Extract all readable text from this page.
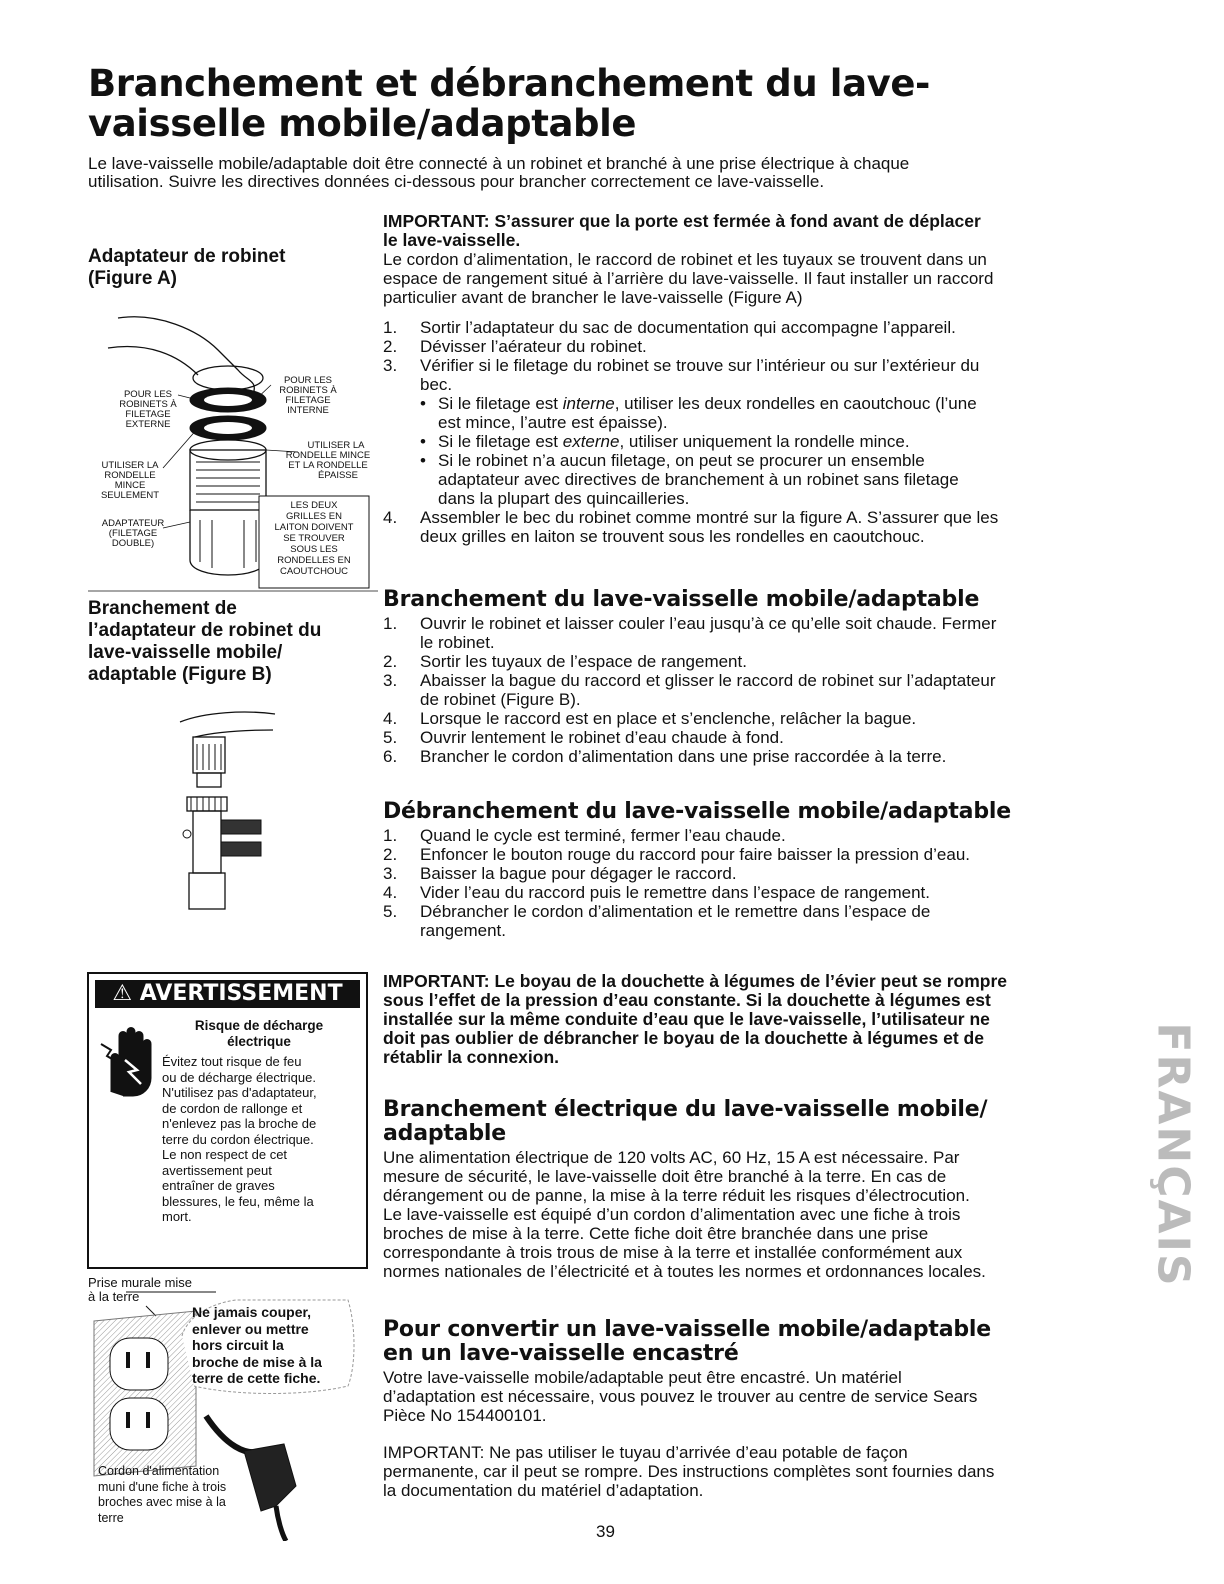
Branchement et débranchement du lave-
vaisselle mobile/adaptable
Le lave-vaisselle mobile/adaptable doit être connecté à un robinet et branché à une prise électrique à chaque
utilisation. Suivre les directives données ci-dessous pour brancher correctement ce lave-vaisselle.
Adaptateur de robinet
(Figure A)
POUR LES
ROBINETS À
FILETAGE
EXTERNE
POUR LES
ROBINETS À
FILETAGE
INTERNE
UTILISER LA
RONDELLE MINCE
ET LA RONDELLE
ÉPAISSE
UTILISER LA
RONDELLE
MINCE
SEULEMENT
ADAPTATEUR
(FILETAGE
DOUBLE)
LES DEUX
GRILLES EN
LAITON DOIVENT
SE TROUVER
SOUS LES
RONDELLES EN
CAOUTCHOUC
Branchement de
l’adaptateur de robinet du
lave-vaisselle mobile/
adaptable (Figure B)
IMPORTANT: S’assurer que la porte est fermée à fond avant de déplacer
le lave-vaisselle.
Le cordon d’alimentation, le raccord de robinet et les tuyaux se trouvent dans un
espace de rangement situé à l’arrière du lave-vaisselle. Il faut installer un raccord
particulier avant de brancher le lave-vaisselle (Figure A)
1. Sortir l’adaptateur du sac de documentation qui accompagne l’appareil.
2. Dévisser l’aérateur du robinet.
3. Vérifier si le filetage du robinet se trouve sur l’intérieur ou sur l’extérieur du
bec.
• Si le filetage est interne, utiliser les deux rondelles en caoutchouc (l’une
est mince, l’autre est épaisse).
• Si le filetage est externe, utiliser uniquement la rondelle mince.
• Si le robinet n’a aucun filetage, on peut se procurer un ensemble
adaptateur avec directives de branchement à un robinet sans filetage
dans la plupart des quincailleries.
4. Assembler le bec du robinet comme montré sur la figure A. S’assurer que les
deux grilles en laiton se trouvent sous les rondelles en caoutchouc.
Branchement du lave-vaisselle mobile/adaptable
1. Ouvrir le robinet et laisser couler l’eau jusqu’à ce qu’elle soit chaude. Fermer
le robinet.
2. Sortir les tuyaux de l’espace de rangement.
3. Abaisser la bague du raccord et glisser le raccord de robinet sur l’adaptateur
de robinet (Figure B).
4. Lorsque le raccord est en place et s’enclenche, relâcher la bague.
5. Ouvrir lentement le robinet d’eau chaude à fond.
6. Brancher le cordon d’alimentation dans une prise raccordée à la terre.
Débranchement du lave-vaisselle mobile/adaptable
1. Quand le cycle est terminé, fermer l’eau chaude.
2. Enfoncer le bouton rouge du raccord pour faire baisser la pression d’eau.
3. Baisser la bague pour dégager le raccord.
4. Vider l’eau du raccord puis le remettre dans l’espace de rangement.
5. Débrancher le cordon d’alimentation et le remettre dans l’espace de
rangement.
IMPORTANT: Le boyau de la douchette à légumes de l’évier peut se rompre
sous l’effet de la pression d’eau constante. Si la douchette à légumes est
installée sur la même conduite d’eau que le lave-vaisselle, l’utilisateur ne
doit pas oublier de débrancher le boyau de la douchette à légumes et de
rétablir la connexion.
Branchement électrique du lave-vaisselle mobile/
adaptable
Une alimentation électrique de 120 volts AC, 60 Hz, 15 A est nécessaire. Par
mesure de sécurité, le lave-vaisselle doit être branché à la terre. En cas de
dérangement ou de panne, la mise à la terre réduit les risques d’électrocution.
Le lave-vaisselle est équipé d’un cordon d’alimentation avec une fiche à trois
broches de mise à la terre. Cette fiche doit être branchée dans une prise
correspondante à trois trous de mise à la terre et installée conformément aux
normes nationales de l’électricité et à toutes les normes et ordonnances locales.
Pour convertir un lave-vaisselle mobile/adaptable
en un lave-vaisselle encastré
Votre lave-vaisselle mobile/adaptable peut être encastré. Un matériel
d’adaptation est nécessaire, vous pouvez le trouver au centre de service Sears
Pièce No 154400101.
IMPORTANT: Ne pas utiliser le tuyau d’arrivée d’eau potable de façon
permanente, car il peut se rompre. Des instructions complètes sont fournies dans
la documentation du matériel d’adaptation.
⚠ AVERTISSEMENT
Risque de décharge
électrique
Évitez tout risque de feu
ou de décharge électrique.
N'utilisez pas d'adaptateur,
de cordon de rallonge et
n'enlevez pas la broche de
terre du cordon électrique.
Le non respect de cet
avertissement peut
entraîner de graves
blessures, le feu, même la
mort.
Prise murale mise
à la terre
Ne jamais couper,
enlever ou mettre
hors circuit la
broche de mise à la
terre de cette fiche.
Cordon d'alimentation
muni d'une fiche à trois
broches avec mise à la
terre
FRANÇAIS
39
